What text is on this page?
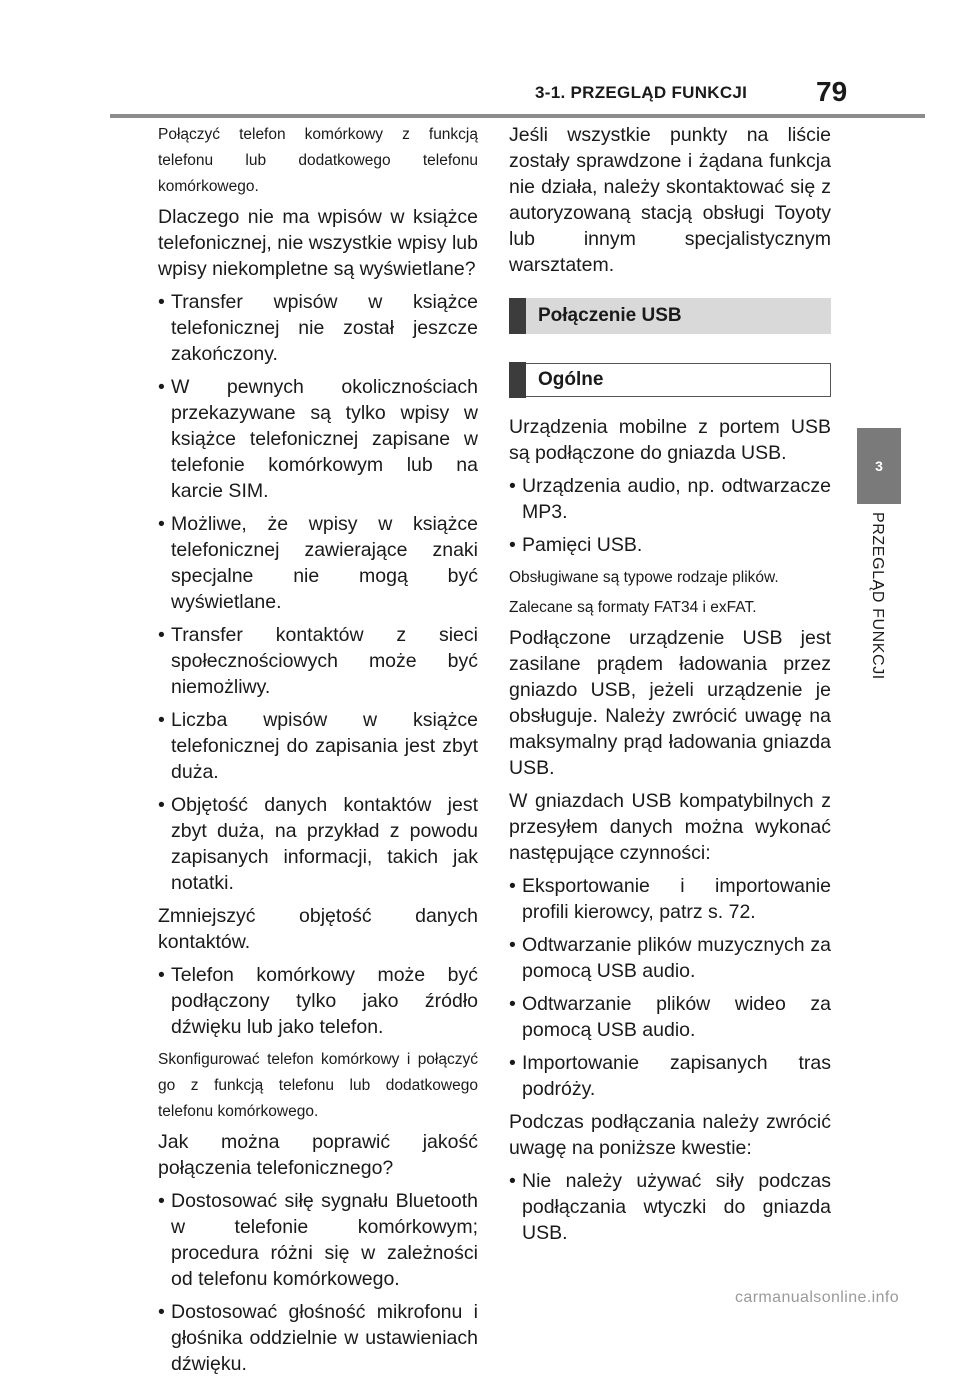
3-1. PRZEGLĄD FUNKCJI 79
3
PRZEGLĄD FUNKCJI

Połączyć telefon komórkowy z funkcją telefonu lub dodatkowego telefonu komórkowego.

Dlaczego nie ma wpisów w książce telefonicznej, nie wszystkie wpisy lub wpisy niekompletne są wyświetlane?

• Transfer wpisów w książce telefonicznej nie został jeszcze zakończony.
• W pewnych okolicznościach przekazywane są tylko wpisy w książce telefonicznej zapisane w telefonie komórkowym lub na karcie SIM.
• Możliwe, że wpisy w książce telefonicznej zawierające znaki specjalne nie mogą być wyświetlane.
• Transfer kontaktów z sieci społecznościowych może być niemożliwy.
• Liczba wpisów w książce telefonicznej do zapisania jest zbyt duża.
• Objętość danych kontaktów jest zbyt duża, na przykład z powodu zapisanych informacji, takich jak notatki.

Zmniejszyć objętość danych kontaktów.

• Telefon komórkowy może być podłączony tylko jako źródło dźwięku lub jako telefon.

Skonfigurować telefon komórkowy i połączyć go z funkcją telefonu lub dodatkowego telefonu komórkowego.

Jak można poprawić jakość połączenia telefonicznego?

• Dostosować siłę sygnału Bluetooth w telefonie komórkowym; procedura różni się w zależności od telefonu komórkowego.
• Dostosować głośność mikrofonu i głośnika oddzielnie w ustawieniach dźwięku.

Jeśli wszystkie punkty na liście zostały sprawdzone i żądana funkcja nie działa, należy skontaktować się z autoryzowaną stacją obsługi Toyoty lub innym specjalistycznym warsztatem.

Połączenie USB
Ogólne

Urządzenia mobilne z portem USB są podłączone do gniazda USB.

• Urządzenia audio, np. odtwarzacze MP3.
• Pamięci USB.

Obsługiwane są typowe rodzaje plików.

Zalecane są formaty FAT34 i exFAT.

Podłączone urządzenie USB jest zasilane prądem ładowania przez gniazdo USB, jeżeli urządzenie je obsługuje. Należy zwrócić uwagę na maksymalny prąd ładowania gniazda USB.

W gniazdach USB kompatybilnych z przesyłem danych można wykonać następujące czynności:

• Eksportowanie i importowanie profili kierowcy, patrz s. 72.
• Odtwarzanie plików muzycznych za pomocą USB audio.
• Odtwarzanie plików wideo za pomocą USB audio.
• Importowanie zapisanych tras podróży.

Podczas podłączania należy zwrócić uwagę na poniższe kwestie:

• Nie należy używać siły podczas podłączania wtyczki do gniazda USB.
carmanualsonline.info
